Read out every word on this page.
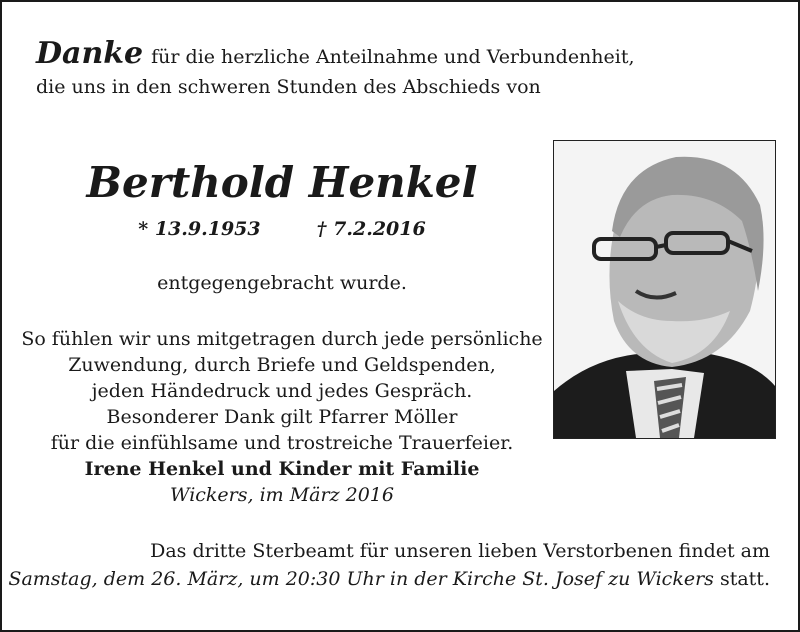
Danke für die herzliche Anteilnahme und Verbundenheit,
die uns in den schweren Stunden des Abschieds von
Berthold Henkel
* 13.9.1953	† 7.2.2016
entgegengebracht wurde.
So fühlen wir uns mitgetragen durch jede persönliche
Zuwendung, durch Briefe und Geldspenden,
jeden Händedruck und jedes Gespräch.
Besonderer Dank gilt Pfarrer Möller
für die einfühlsame und trostreiche Trauerfeier.
Irene Henkel und Kinder mit Familie
Wickers, im März 2016
Das dritte Sterbeamt für unseren lieben Verstorbenen findet am
Samstag, dem 26. März, um 20:30 Uhr in der Kirche St. Josef zu Wickers statt.
